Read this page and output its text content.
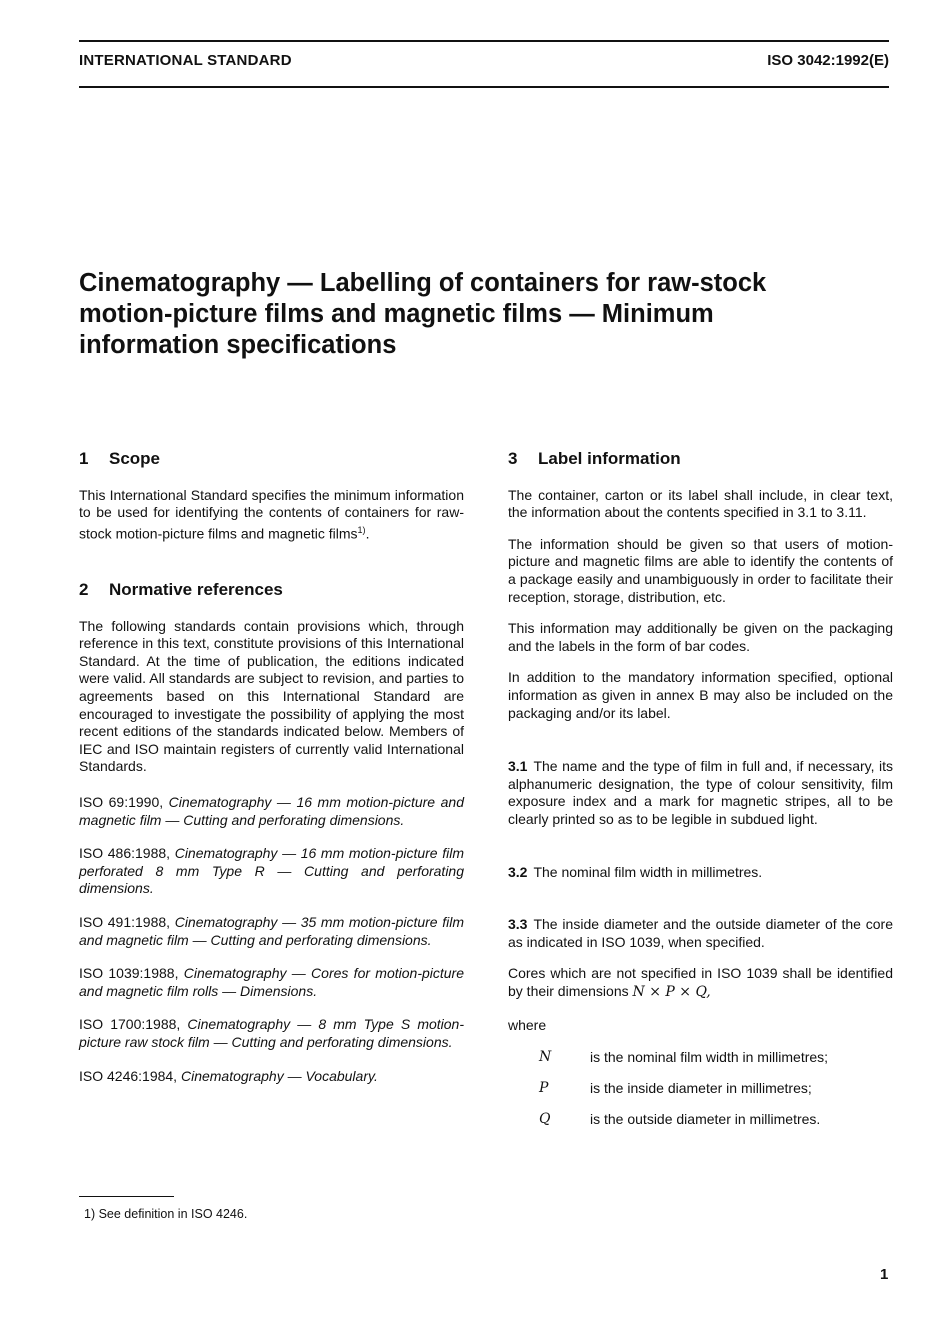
INTERNATIONAL STANDARD	ISO 3042:1992(E)
Cinematography — Labelling of containers for raw-stock
motion-picture films and magnetic films — Minimum
information specifications
1 Scope

This International Standard specifies the minimum information to be used for identifying the contents of containers for raw-stock motion-picture films and magnetic films$^{1)}$.

2 Normative references

The following standards contain provisions which, through reference in this text, constitute provisions of this International Standard. At the time of publication, the editions indicated were valid. All standards are subject to revision, and parties to agreements based on this International Standard are encouraged to investigate the possibility of applying the most recent editions of the standards indicated below. Members of IEC and ISO maintain registers of currently valid International Standards.

ISO 69:1990, Cinematography — 16 mm motion-picture and magnetic film — Cutting and perforating dimensions.

ISO 486:1988, Cinematography — 16 mm motion-picture film perforated 8 mm Type R — Cutting and perforating dimensions.

ISO 491:1988, Cinematography — 35 mm motion-picture film and magnetic film — Cutting and perforating dimensions.

ISO 1039:1988, Cinematography — Cores for motion-picture and magnetic film rolls — Dimensions.

ISO 1700:1988, Cinematography — 8 mm Type S motion-picture raw stock film — Cutting and perforating dimensions.

ISO 4246:1984, Cinematography — Vocabulary.

3 Label information

The container, carton or its label shall include, in clear text, the information about the contents specified in 3.1 to 3.11.

The information should be given so that users of motion-picture and magnetic films are able to identify the contents of a package easily and unambiguously in order to facilitate their reception, storage, distribution, etc.

This information may additionally be given on the packaging and the labels in the form of bar codes.

In addition to the mandatory information specified, optional information as given in annex B may also be included on the packaging and/or its label.

3.1 The name and the type of film in full and, if necessary, its alphanumeric designation, the type of colour sensitivity, film exposure index and a mark for magnetic stripes, all to be clearly printed so as to be legible in subdued light.

3.2 The nominal film width in millimetres.

3.3 The inside diameter and the outside diameter of the core as indicated in ISO 1039, when specified.

Cores which are not specified in ISO 1039 shall be identified by their dimensions N × P × Q,

where

N	is the nominal film width in millimetres;
P	is the inside diameter in millimetres;
Q	is the outside diameter in millimetres.
1) See definition in ISO 4246.
1
